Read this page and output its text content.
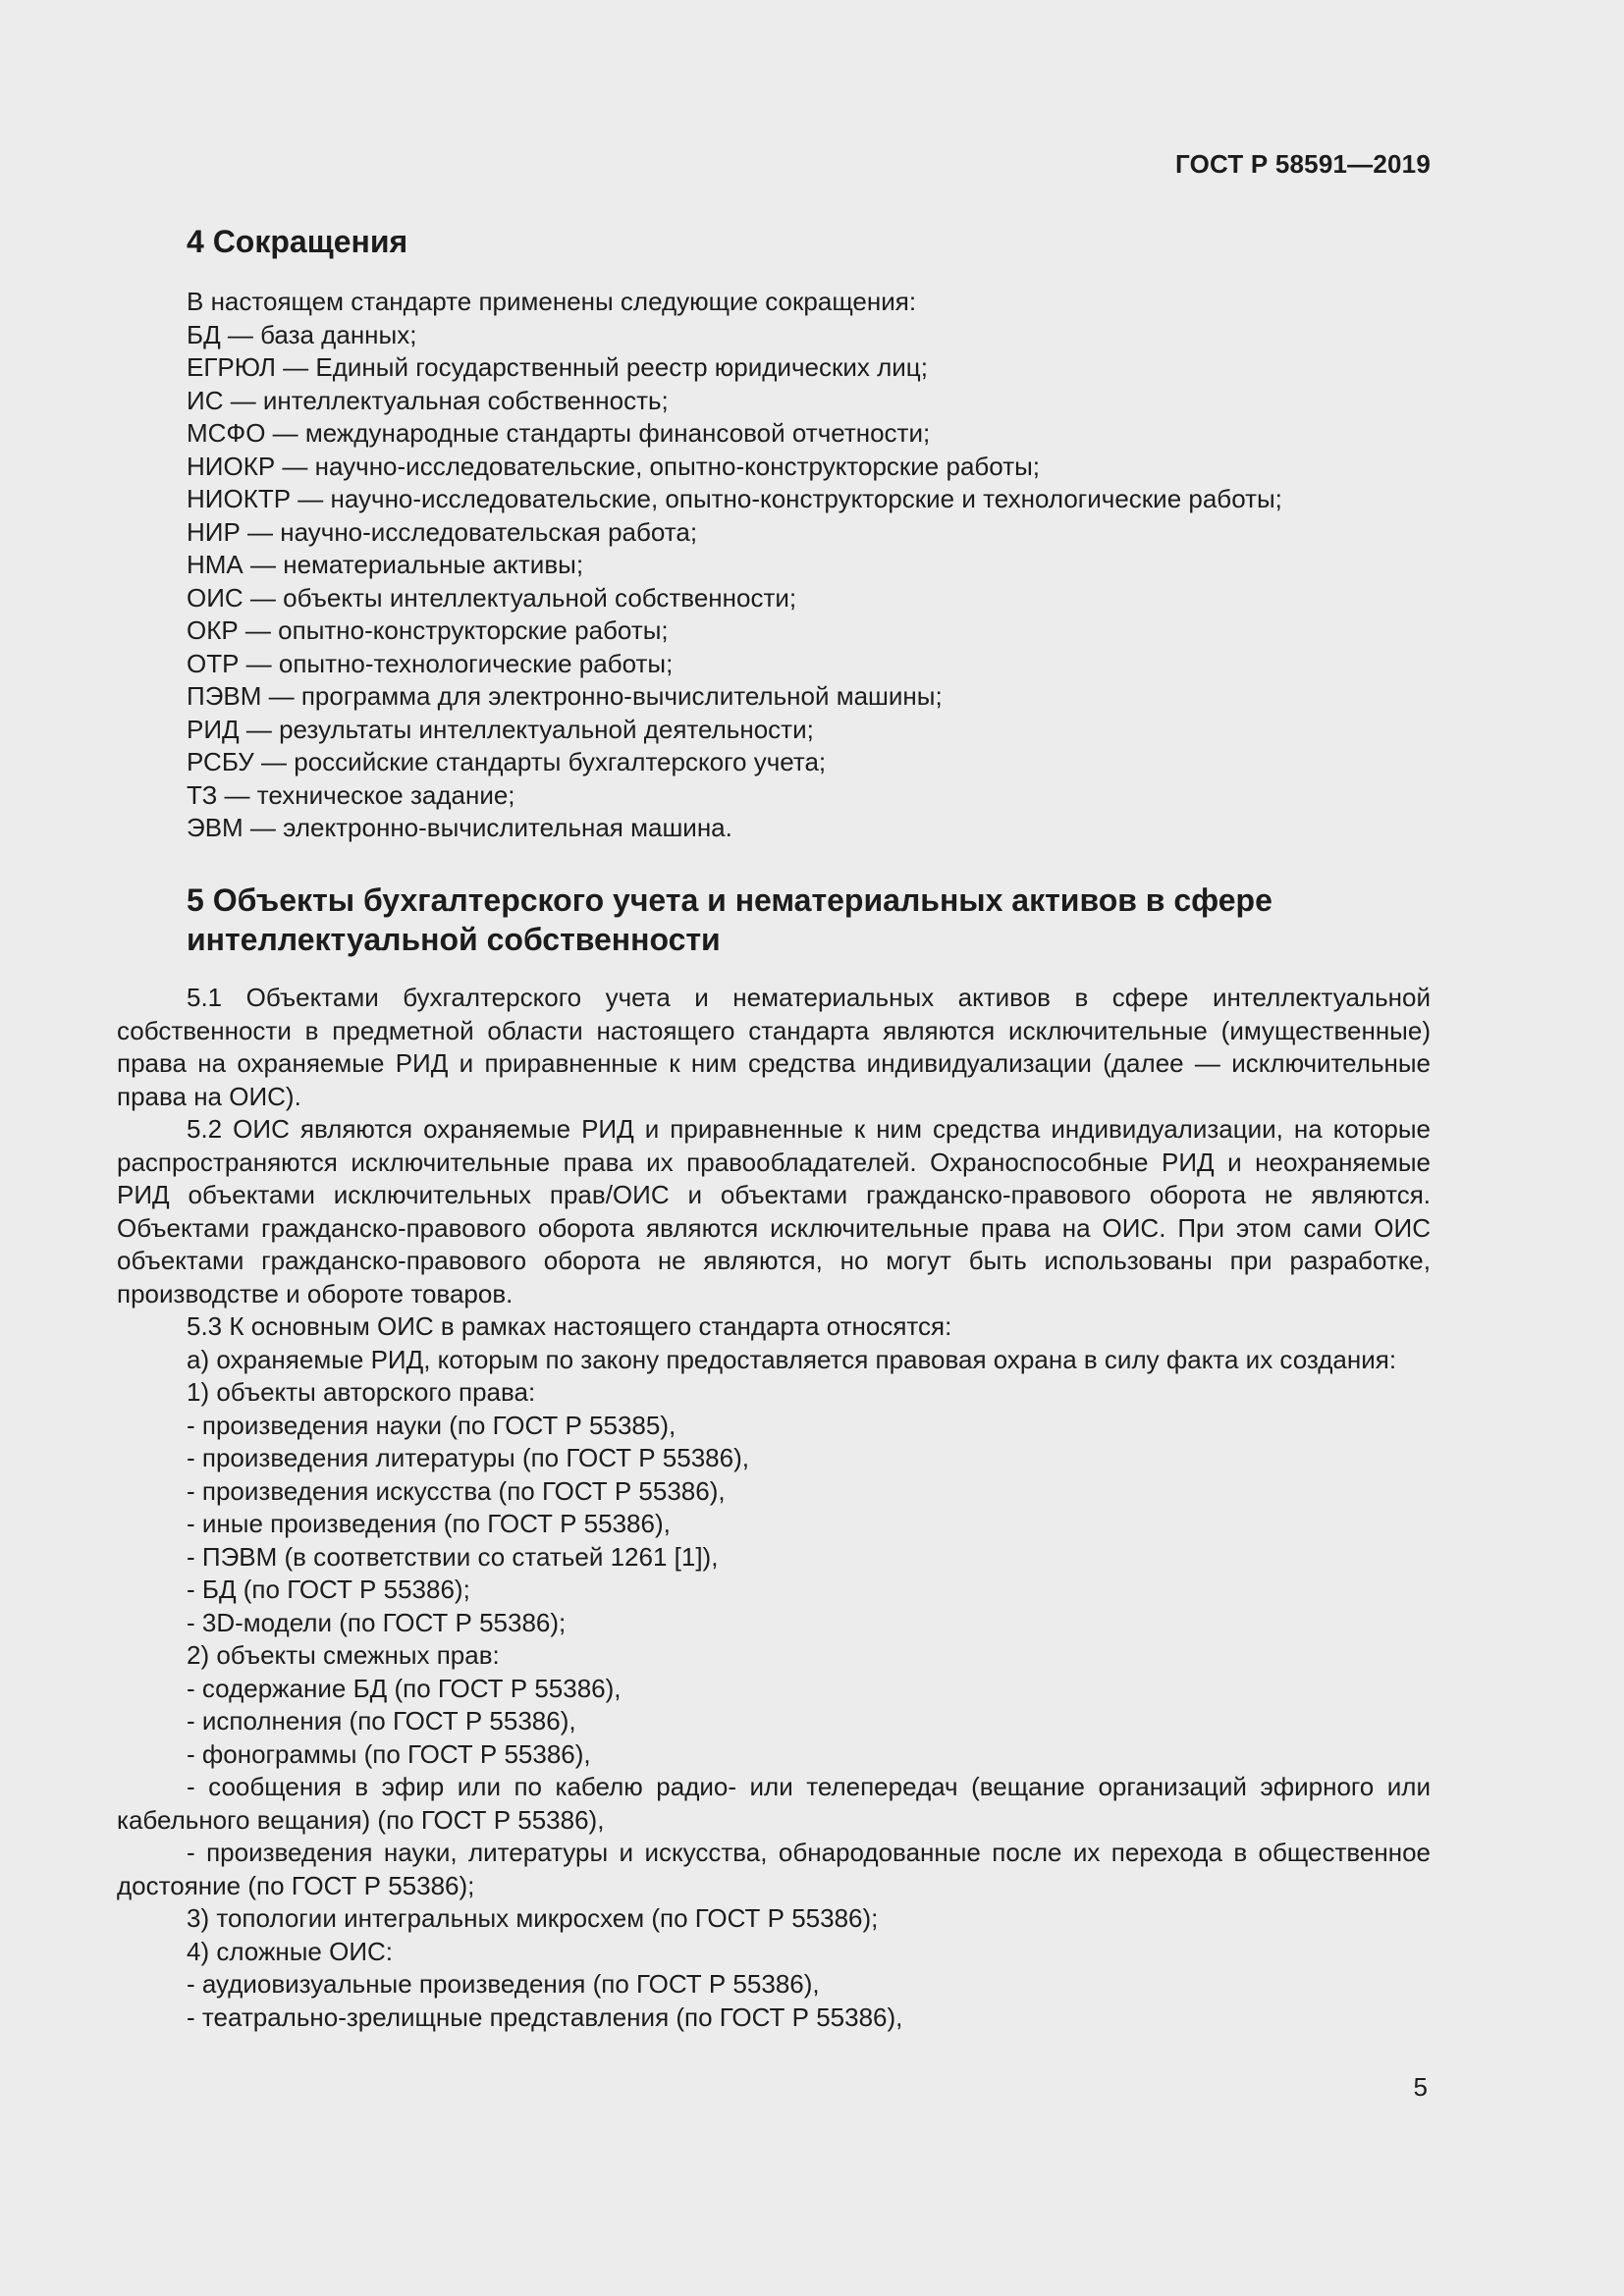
ГОСТ Р 58591—2019
4 Сокращения
В настоящем стандарте применены следующие сокращения:
БД — база данных;
ЕГРЮЛ — Единый государственный реестр юридических лиц;
ИС — интеллектуальная собственность;
МСФО — международные стандарты финансовой отчетности;
НИОКР — научно-исследовательские, опытно-конструкторские работы;
НИОКТР — научно-исследовательские, опытно-конструкторские и технологические работы;
НИР — научно-исследовательская работа;
НМА — нематериальные активы;
ОИС — объекты интеллектуальной собственности;
ОКР — опытно-конструкторские работы;
ОТР — опытно-технологические работы;
ПЭВМ — программа для электронно-вычислительной машины;
РИД — результаты интеллектуальной деятельности;
РСБУ — российские стандарты бухгалтерского учета;
ТЗ — техническое задание;
ЭВМ — электронно-вычислительная машина.
5 Объекты бухгалтерского учета и нематериальных активов в сфере интеллектуальной собственности

5.1 Объектами бухгалтерского учета и нематериальных активов в сфере интеллектуальной собственности в предметной области настоящего стандарта являются исключительные (имущественные) права на охраняемые РИД и приравненные к ним средства индивидуализации (далее — исключительные права на ОИС).

5.2 ОИС являются охраняемые РИД и приравненные к ним средства индивидуализации, на которые распространяются исключительные права их правообладателей. Охраноспособные РИД и неохраняемые РИД объектами исключительных прав/ОИС и объектами гражданско-правового оборота не являются. Объектами гражданско-правового оборота являются исключительные права на ОИС. При этом сами ОИС объектами гражданско-правового оборота не являются, но могут быть использованы при разработке, производстве и обороте товаров.

5.3 К основным ОИС в рамках настоящего стандарта относятся:

а) охраняемые РИД, которым по закону предоставляется правовая охрана в силу факта их создания:

1) объекты авторского права:

- произведения науки (по ГОСТ Р 55385),

- произведения литературы (по ГОСТ Р 55386),

- произведения искусства (по ГОСТ Р 55386),

- иные произведения (по ГОСТ Р 55386),

- ПЭВМ (в соответствии со статьей 1261 [1]),

- БД (по ГОСТ Р 55386);

- 3D-модели (по ГОСТ Р 55386);

2) объекты смежных прав:

- содержание БД (по ГОСТ Р 55386),

- исполнения (по ГОСТ Р 55386),

- фонограммы (по ГОСТ Р 55386),

- сообщения в эфир или по кабелю радио- или телепередач (вещание организаций эфирного или кабельного вещания) (по ГОСТ Р 55386),

- произведения науки, литературы и искусства, обнародованные после их перехода в общественное достояние (по ГОСТ Р 55386);

3) топологии интегральных микросхем (по ГОСТ Р 55386);

4) сложные ОИС:

- аудиовизуальные произведения (по ГОСТ Р 55386),

- театрально-зрелищные представления (по ГОСТ Р 55386),

5
